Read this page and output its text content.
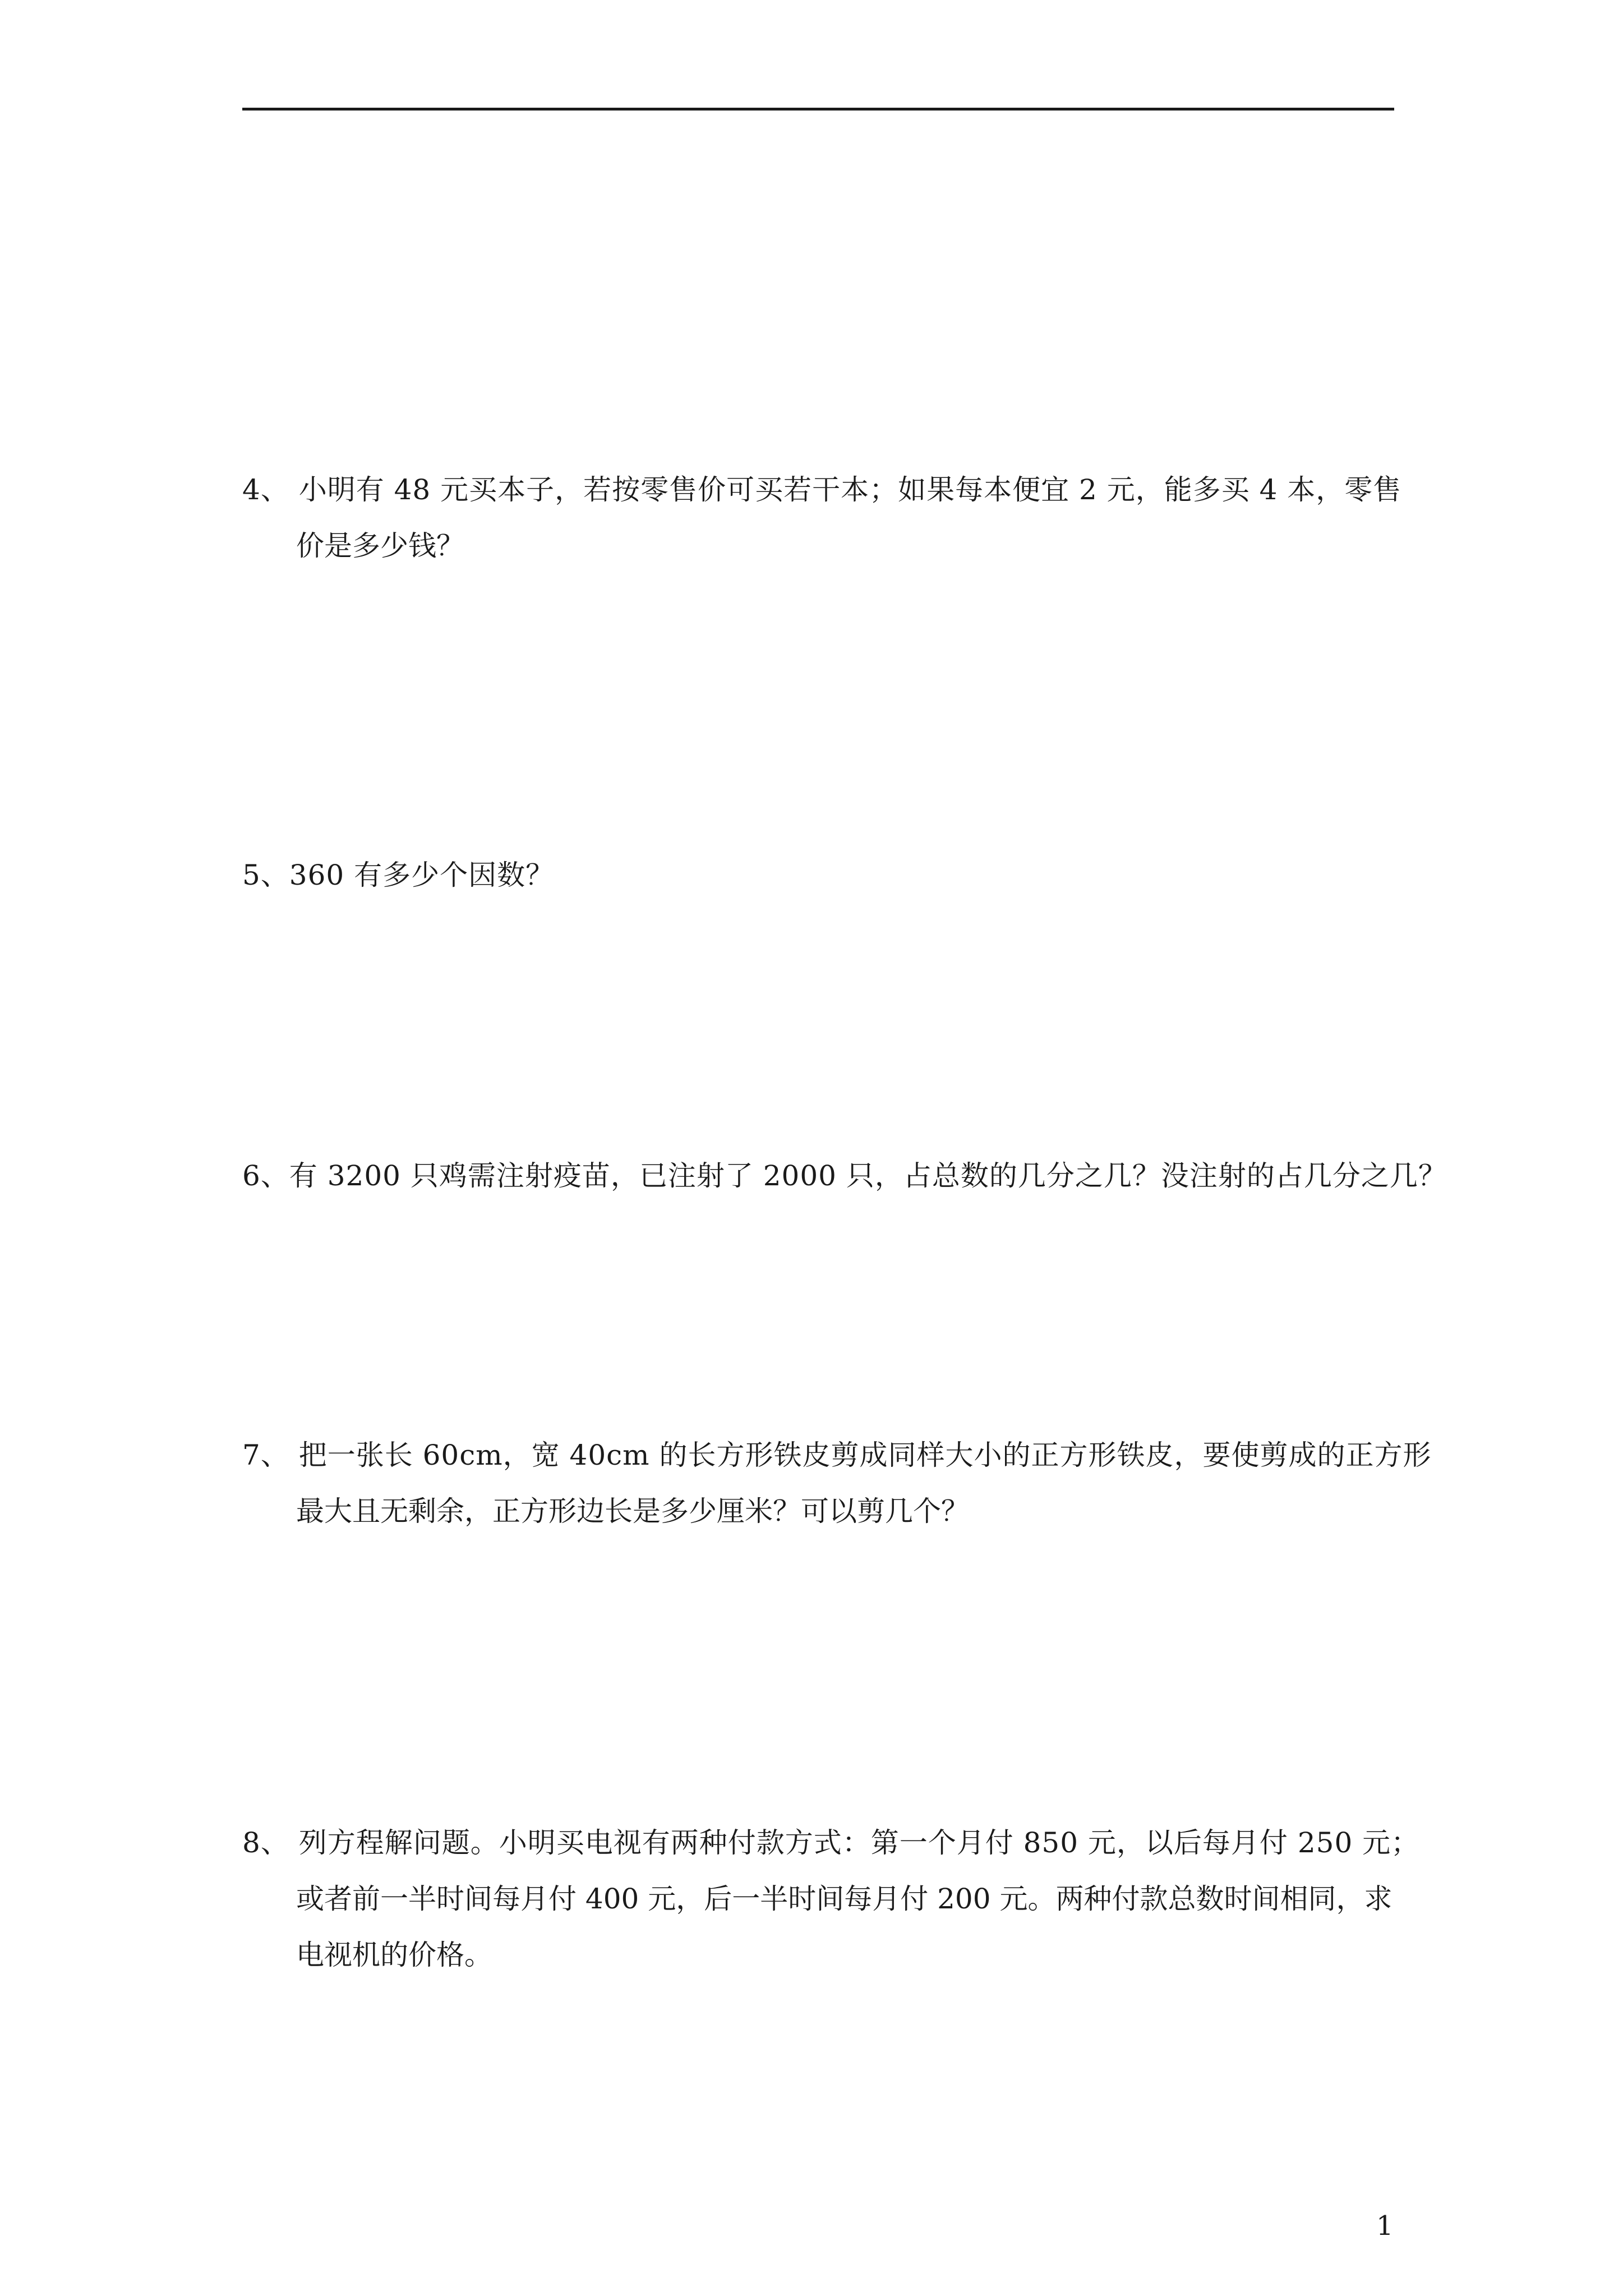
4、 小明有 48 元买本子，若按零售价可买若干本；如果每本便宜 2 元，能多买 4 本，零售
价是多少钱？
5、360 有多少个因数？
6、有 3200 只鸡需注射疫苗，已注射了 2000 只，占总数的几分之几？没注射的占几分之几？
7、 把一张长 60cm，宽 40cm 的长方形铁皮剪成同样大小的正方形铁皮，要使剪成的正方形
最大且无剩余，正方形边长是多少厘米？可以剪几个？
8、 列方程解问题。小明买电视有两种付款方式：第一个月付 850 元，以后每月付 250 元；
或者前一半时间每月付 400 元，后一半时间每月付 200 元。两种付款总数时间相同，求
电视机的价格。
1
